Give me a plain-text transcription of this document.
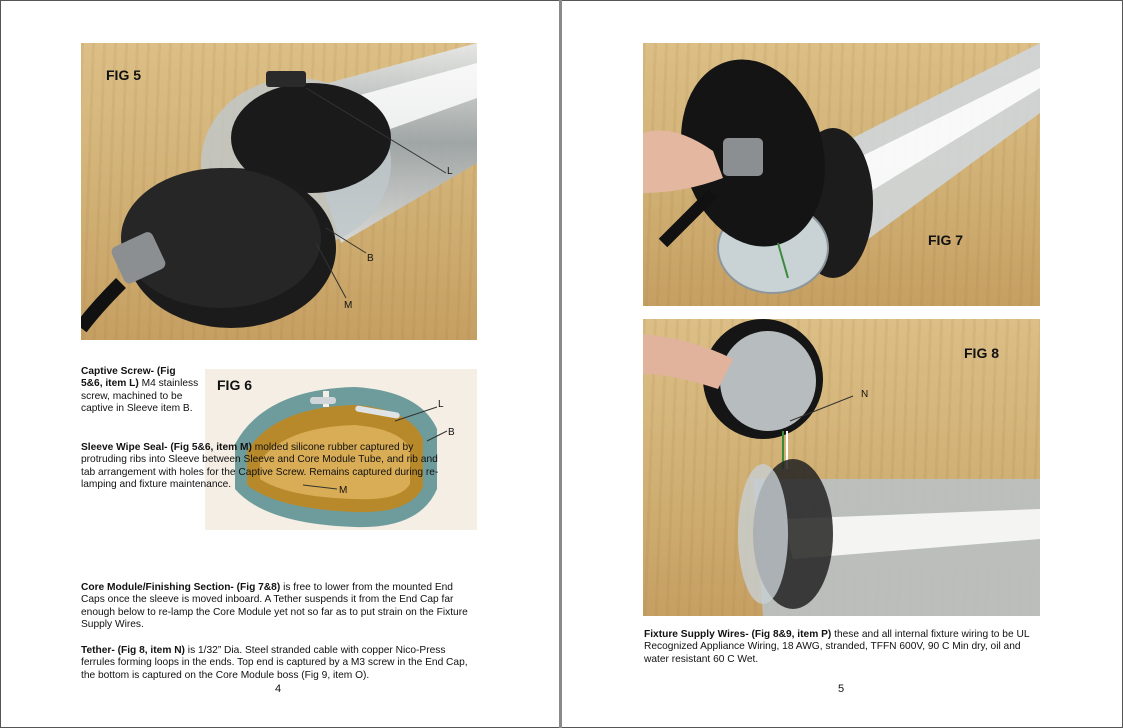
FIG 5
L
B
M
FIG 6
L
B
M
Captive Screw- (Fig 5&6, item L) M4 stainless screw, machined to be captive in Sleeve item B.
Sleeve Wipe Seal- (Fig 5&6, item M) molded silicone rubber captured by protruding ribs into Sleeve between Sleeve and Core Module Tube, and rib and tab arrangement with holes for the Captive Screw. Remains captured during re-lamping and fixture maintenance.
Core Module/Finishing Section- (Fig 7&8) is free to lower from the mounted End Caps once the sleeve is moved inboard. A Tether suspends it from the End Cap far enough below to re-lamp the Core Module yet not so far as to put strain on the Fixture Supply Wires.
Tether- (Fig 8, item N) is 1/32” Dia. Steel stranded cable with copper Nico-Press ferrules forming loops in the ends. Top end is captured by a M3 screw in the End Cap, the bottom is captured on the Core Module boss (Fig 9, item O).
4
FIG 7
FIG 8
N
Fixture Supply Wires- (Fig 8&9, item P) these and all internal fixture wiring to be UL Recognized Appliance Wiring, 18 AWG, stranded, TFFN 600V, 90 C Min dry, oil and water resistant 60 C Wet.
5
